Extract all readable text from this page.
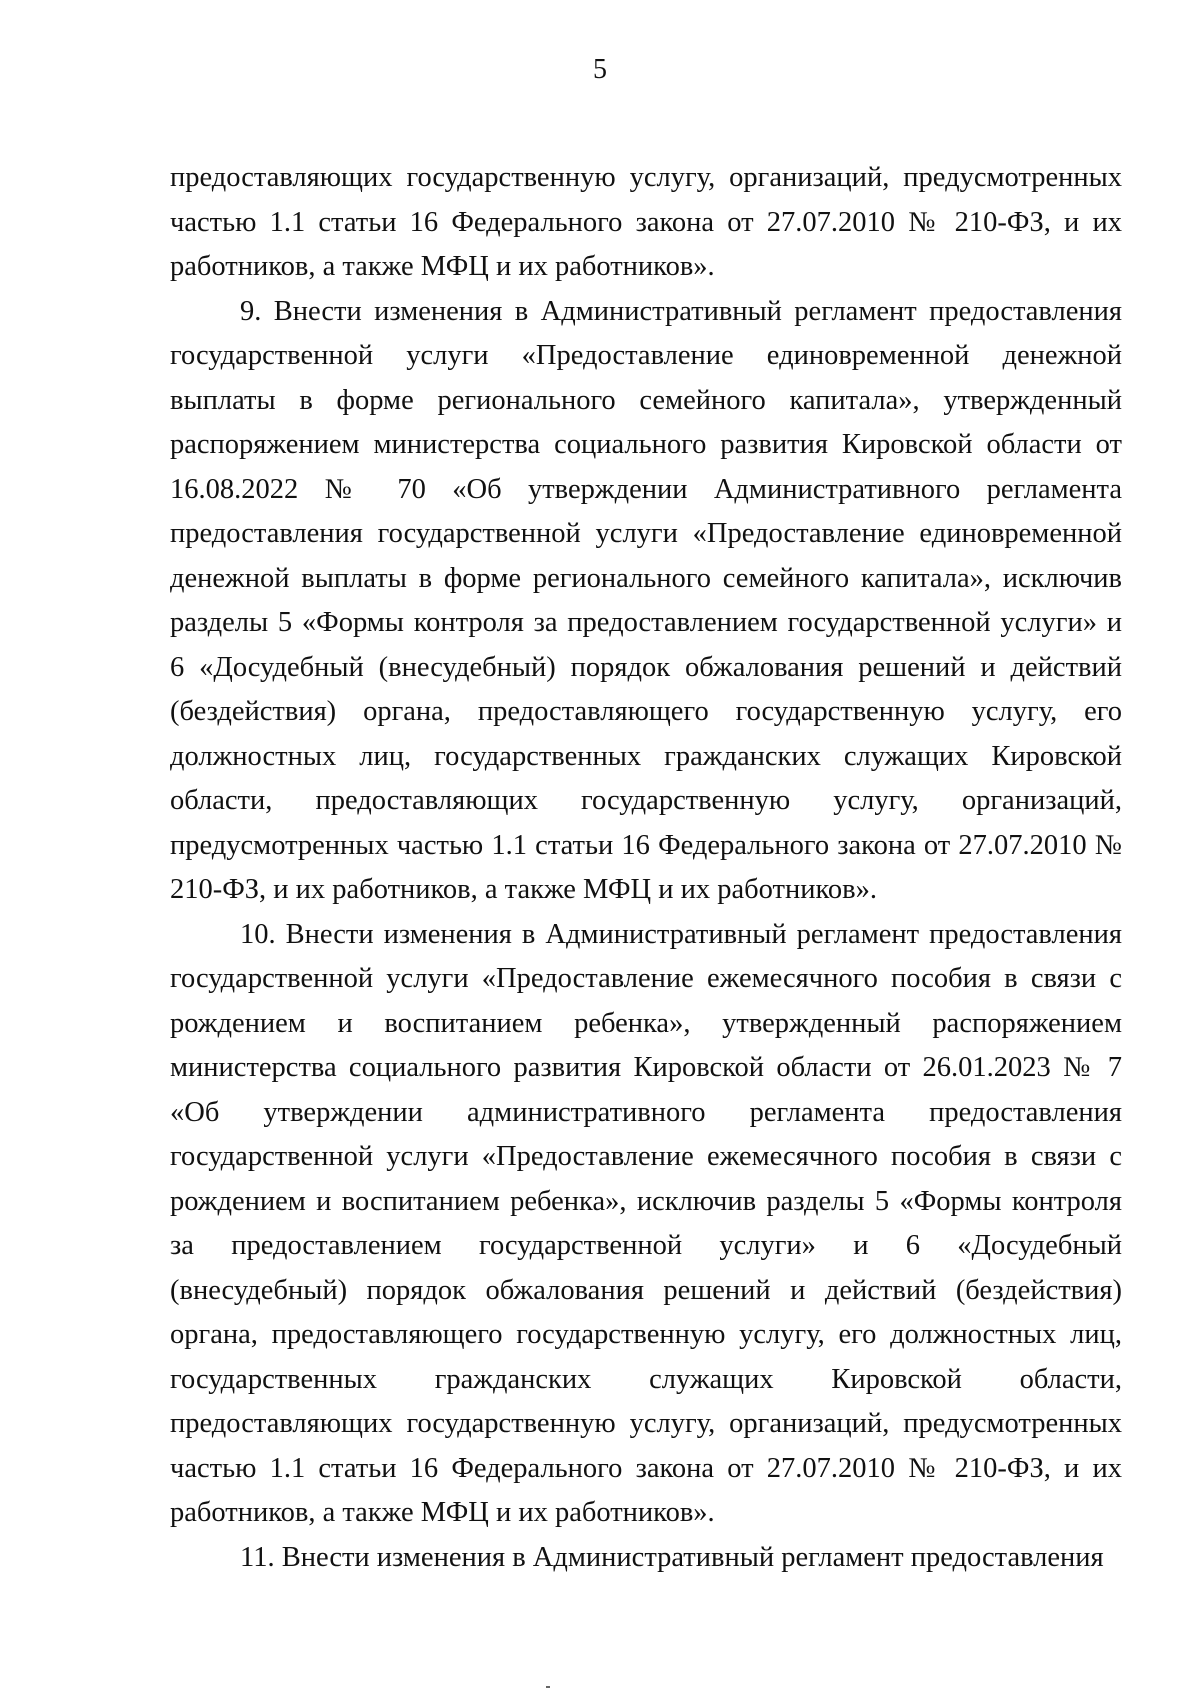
5

предоставляющих государственную услугу, организаций, предусмотренных частью 1.1 статьи 16 Федерального закона от 27.07.2010 № 210-ФЗ, и их работников, а также МФЦ и их работников».

9. Внести изменения в Административный регламент предоставления государственной услуги «Предоставление единовременной денежной выплаты в форме регионального семейного капитала», утвержденный распоряжением министерства социального развития Кировской области от 16.08.2022 № 70 «Об утверждении Административного регламента предоставления государственной услуги «Предоставление единовременной денежной выплаты в форме регионального семейного капитала», исключив разделы 5 «Формы контроля за предоставлением государственной услуги» и 6 «Досудебный (внесудебный) порядок обжалования решений и действий (бездействия) органа, предоставляющего государственную услугу, его должностных лиц, государственных гражданских служащих Кировской области, предоставляющих государственную услугу, организаций, предусмотренных частью 1.1 статьи 16 Федерального закона от 27.07.2010 № 210-ФЗ, и их работников, а также МФЦ и их работников».

10. Внести изменения в Административный регламент предоставления государственной услуги «Предоставление ежемесячного пособия в связи с рождением и воспитанием ребенка», утвержденный распоряжением министерства социального развития Кировской области от 26.01.2023 № 7 «Об утверждении административного регламента предоставления государственной услуги «Предоставление ежемесячного пособия в связи с рождением и воспитанием ребенка», исключив разделы 5 «Формы контроля за предоставлением государственной услуги» и 6 «Досудебный (внесудебный) порядок обжалования решений и действий (бездействия) органа, предоставляющего государственную услугу, его должностных лиц, государственных гражданских служащих Кировской области, предоставляющих государственную услугу, организаций, предусмотренных частью 1.1 статьи 16 Федерального закона от 27.07.2010 № 210-ФЗ, и их работников, а также МФЦ и их работников».

11. Внести изменения в Административный регламент предоставления
